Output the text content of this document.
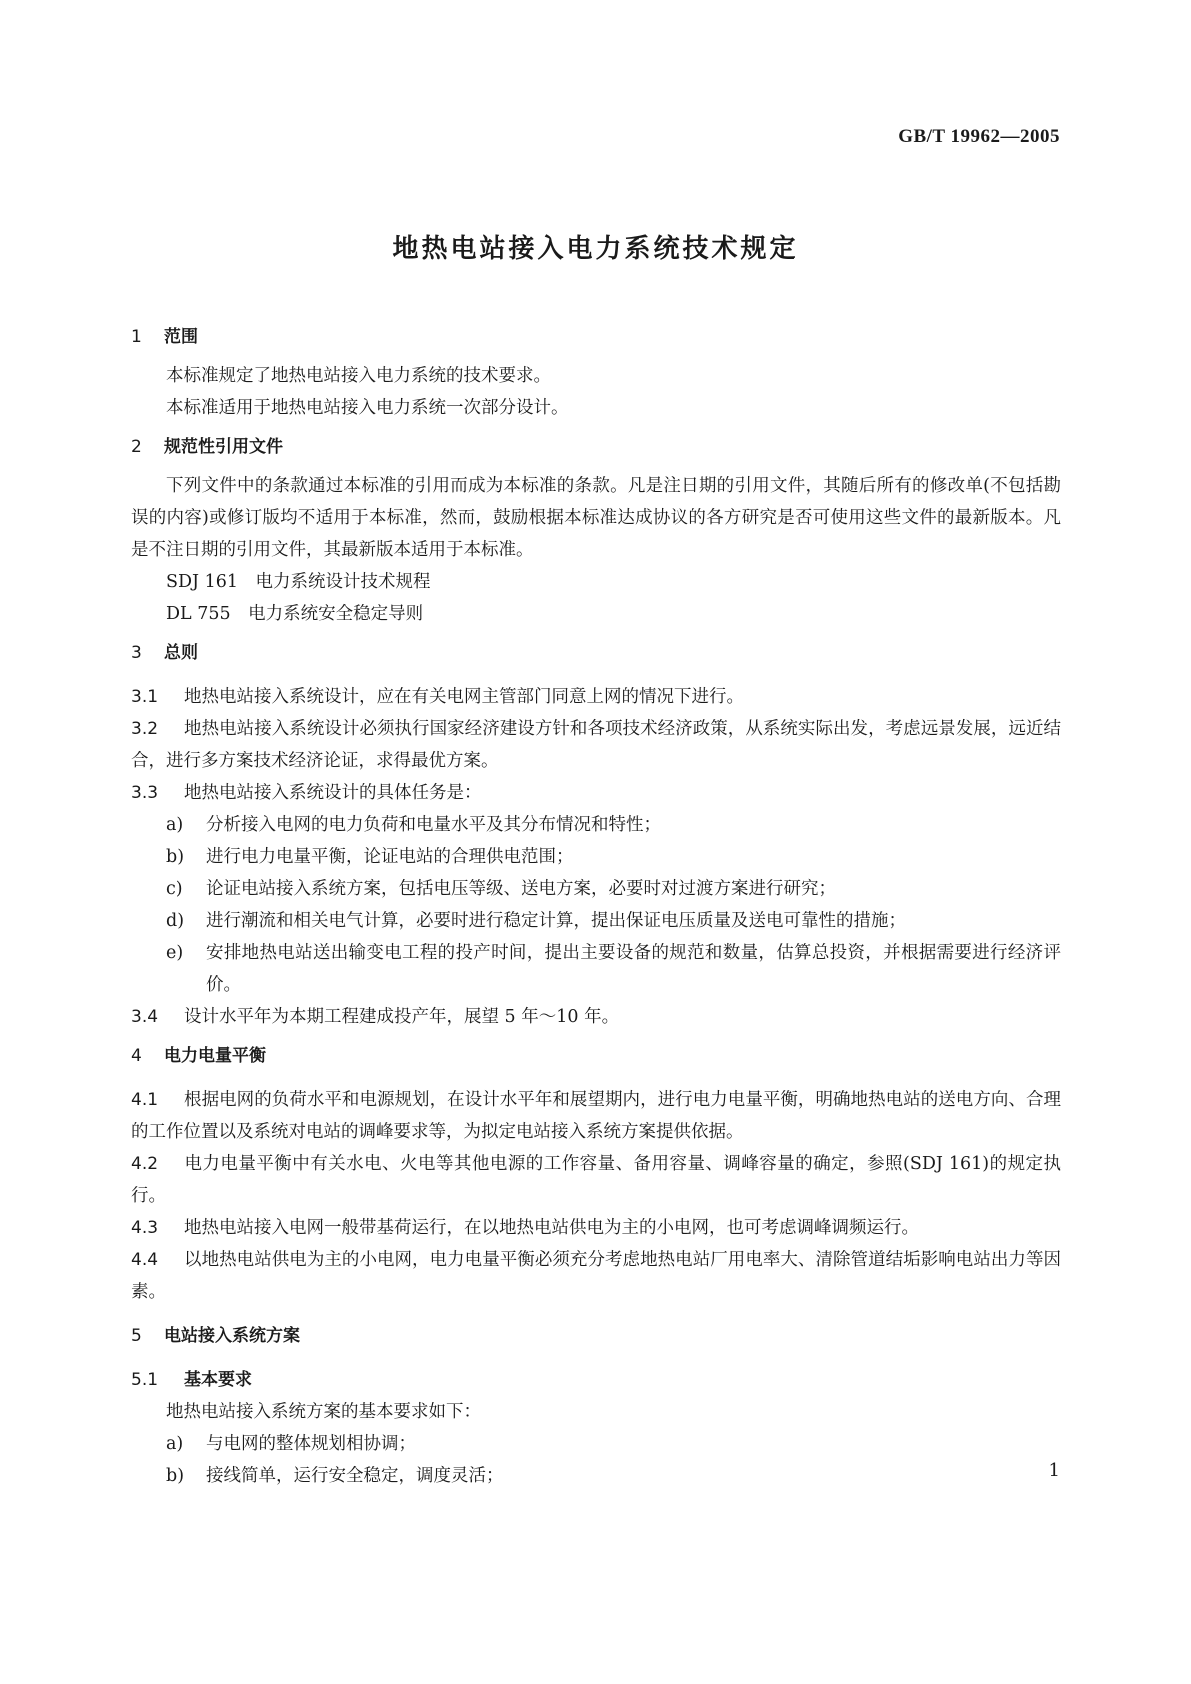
GB/T 19962—2005
地热电站接入电力系统技术规定
1 范围

本标准规定了地热电站接入电力系统的技术要求。

本标准适用于地热电站接入电力系统一次部分设计。

2 规范性引用文件

下列文件中的条款通过本标准的引用而成为本标准的条款。凡是注日期的引用文件，其随后所有的修改单(不包括勘误的内容)或修订版均不适用于本标准，然而，鼓励根据本标准达成协议的各方研究是否可使用这些文件的最新版本。凡是不注日期的引用文件，其最新版本适用于本标准。

SDJ 161  电力系统设计技术规程

DL 755  电力系统安全稳定导则

3 总则

3.1 地热电站接入系统设计，应在有关电网主管部门同意上网的情况下进行。

3.2 地热电站接入系统设计必须执行国家经济建设方针和各项技术经济政策，从系统实际出发，考虑远景发展，远近结合，进行多方案技术经济论证，求得最优方案。

3.3 地热电站接入系统设计的具体任务是：

a)	分析接入电网的电力负荷和电量水平及其分布情况和特性；
b)	进行电力电量平衡，论证电站的合理供电范围；
c)	论证电站接入系统方案，包括电压等级、送电方案，必要时对过渡方案进行研究；
d)	进行潮流和相关电气计算，必要时进行稳定计算，提出保证电压质量及送电可靠性的措施；
e)	安排地热电站送出输变电工程的投产时间，提出主要设备的规范和数量，估算总投资，并根据需要进行经济评价。

3.4 设计水平年为本期工程建成投产年，展望 5 年～10 年。

4 电力电量平衡

4.1 根据电网的负荷水平和电源规划，在设计水平年和展望期内，进行电力电量平衡，明确地热电站的送电方向、合理的工作位置以及系统对电站的调峰要求等，为拟定电站接入系统方案提供依据。

4.2 电力电量平衡中有关水电、火电等其他电源的工作容量、备用容量、调峰容量的确定，参照(SDJ 161)的规定执行。

4.3 地热电站接入电网一般带基荷运行，在以地热电站供电为主的小电网，也可考虑调峰调频运行。

4.4 以地热电站供电为主的小电网，电力电量平衡必须充分考虑地热电站厂用电率大、清除管道结垢影响电站出力等因素。

5 电站接入系统方案

5.1 基本要求

地热电站接入系统方案的基本要求如下：

a)	与电网的整体规划相协调；
b)	接线简单，运行安全稳定，调度灵活；	1
